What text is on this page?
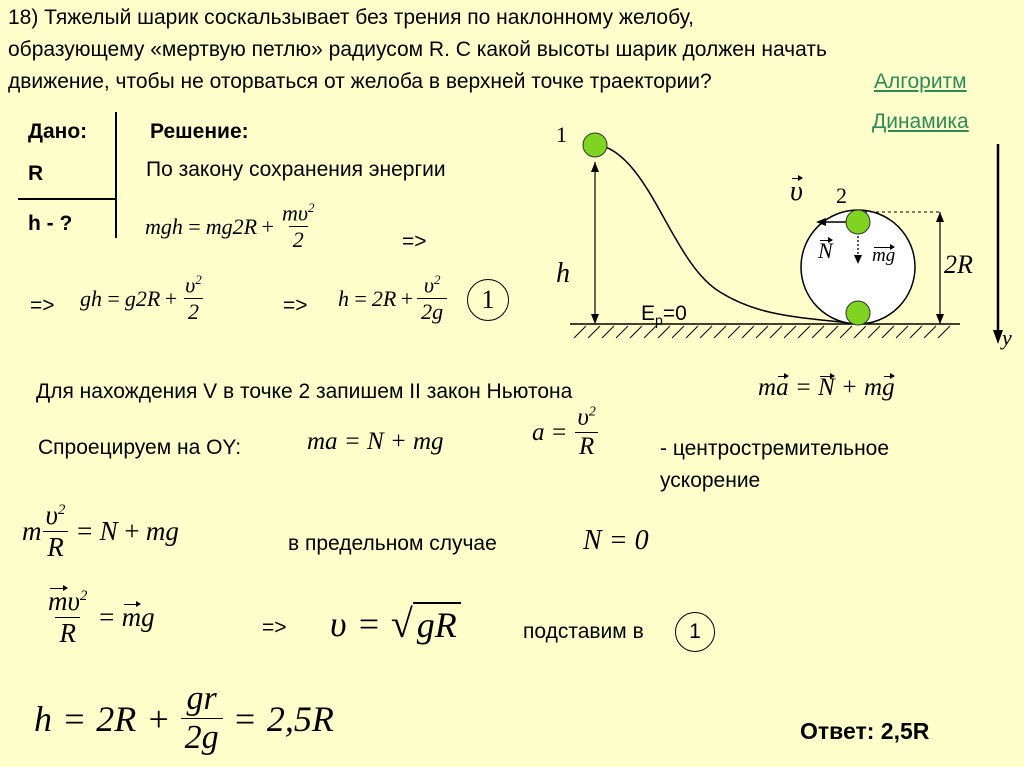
18) Тяжелый шарик соскальзывает без трения по наклонному желобу,
образующему «мертвую петлю» радиусом R. С какой высоты шарик должен начать
движение, чтобы не оторваться от желоба в верхней точке траектории?	Алгоритм
Динамика
Дано:
R
h - ?
Решение:
По закону сохранения энергии
mgh = mg 2 $R + \frac{m\upsilon^2}{2}$	=>
=> gh = g 2 $R + \frac{\upsilon^2}{2}$	=> h = 2 $R + \frac{\upsilon^2}{2g}$	1
1
2
h
$E_p=0$
2R
y
υ
N mg
Для нахождения V в точке 2 запишем II закон Ньютона	ma = N + mg
Спроецируем на OY:	ma = N + mg	$a = \frac{\upsilon^2}{R}$	- центростремительное
ускорение
m $\frac{\upsilon^2}{R} = N$ + mg	в предельном случае	N = 0
$\frac{m\upsilon^2}{R} = m$ g	=> υ = √ gR	подставим в	1
h = 2 $R + \frac{gr}{2g} = 2,5$ R	Ответ: 2,5R
